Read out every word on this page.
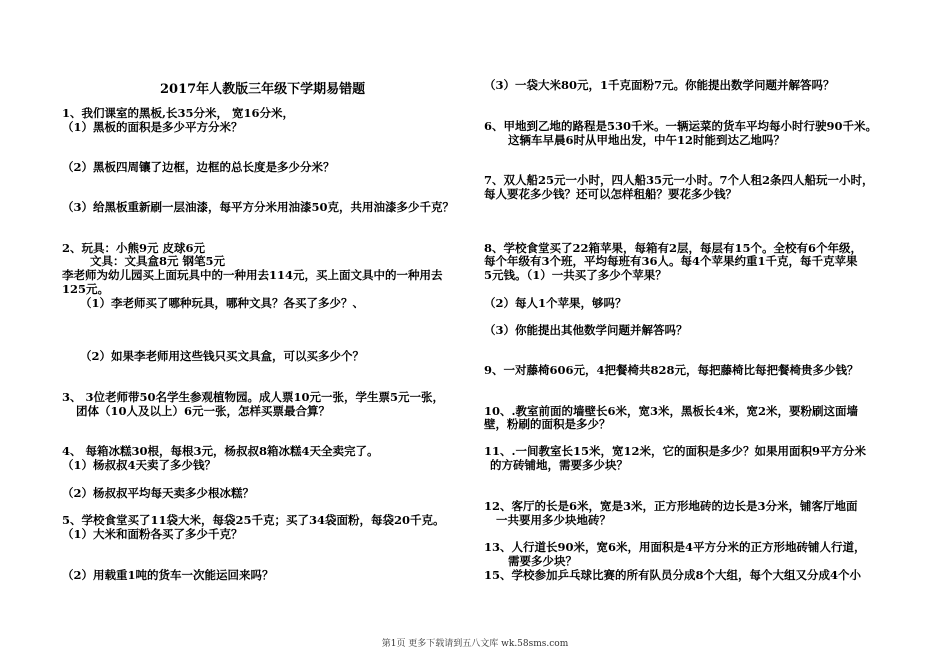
2017年人教版三年级下学期易错题
1、我们课室的黑板,长35分米， 宽16分米，
（1）黑板的面积是多少平方分米？
（2）黑板四周镶了边框，边框的总长度是多少分米？
（3）给黑板重新刷一层油漆，每平方分米用油漆50克，共用油漆多少千克？
2、玩具：小熊9元 皮球6元
文具：文具盒8元 钢笔5元
李老师为幼儿园买上面玩具中的一种用去114元，买上面文具中的一种用去
125元。
（1）李老师买了哪种玩具，哪种文具？各买了多少？、
（2）如果李老师用这些钱只买文具盒，可以买多少个？
3、 3位老师带50名学生参观植物园。成人票10元一张，学生票5元一张，
团体（10人及以上）6元一张，怎样买票最合算？
4、 每箱冰糕30根，每根3元，杨叔叔8箱冰糕4天全卖完了。
（1）杨叔叔4天卖了多少钱？
（2）杨叔叔平均每天卖多少根冰糕？
5、学校食堂买了11袋大米，每袋25千克；买了34袋面粉，每袋20千克。
（1）大米和面粉各买了多少千克？
（2）用载重1吨的货车一次能运回来吗？
（3）一袋大米80元，1千克面粉7元。你能提出数学问题并解答吗？
6、甲地到乙地的路程是530千米。一辆运菜的货车平均每小时行驶90千米。
这辆车早晨6时从甲地出发，中午12时能到达乙地吗？
7、双人船25元一小时，四人船35元一小时。7个人租2条四人船玩一小时，
每人要花多少钱？还可以怎样租船？要花多少钱？
8、学校食堂买了22箱苹果，每箱有2层，每层有15个。全校有6个年级，
每个年级有3个班，平均每班有36人。每4个苹果约重1千克，每千克苹果
5元钱。（1）一共买了多少个苹果？
（2）每人1个苹果，够吗？
（3）你能提出其他数学问题并解答吗？
9、一对藤椅606元，4把餐椅共828元，每把藤椅比每把餐椅贵多少钱？
10、.教室前面的墙壁长6米，宽3米，黑板长4米，宽2米，要粉刷这面墙
壁，粉刷的面积是多少？
11、.一间教室长15米，宽12米，它的面积是多少？如果用面积9平方分米
的方砖铺地，需要多少块？
12、客厅的长是6米，宽是3米，正方形地砖的边长是3分米，铺客厅地面
一共要用多少块地砖？
13、人行道长90米，宽6米，用面积是4平方分米的正方形地砖铺人行道，
需要多少块？
15、学校参加乒乓球比赛的所有队员分成8个大组，每个大组又分成4个小
第1页 更多下载请到五八文库 wk.58sms.com
